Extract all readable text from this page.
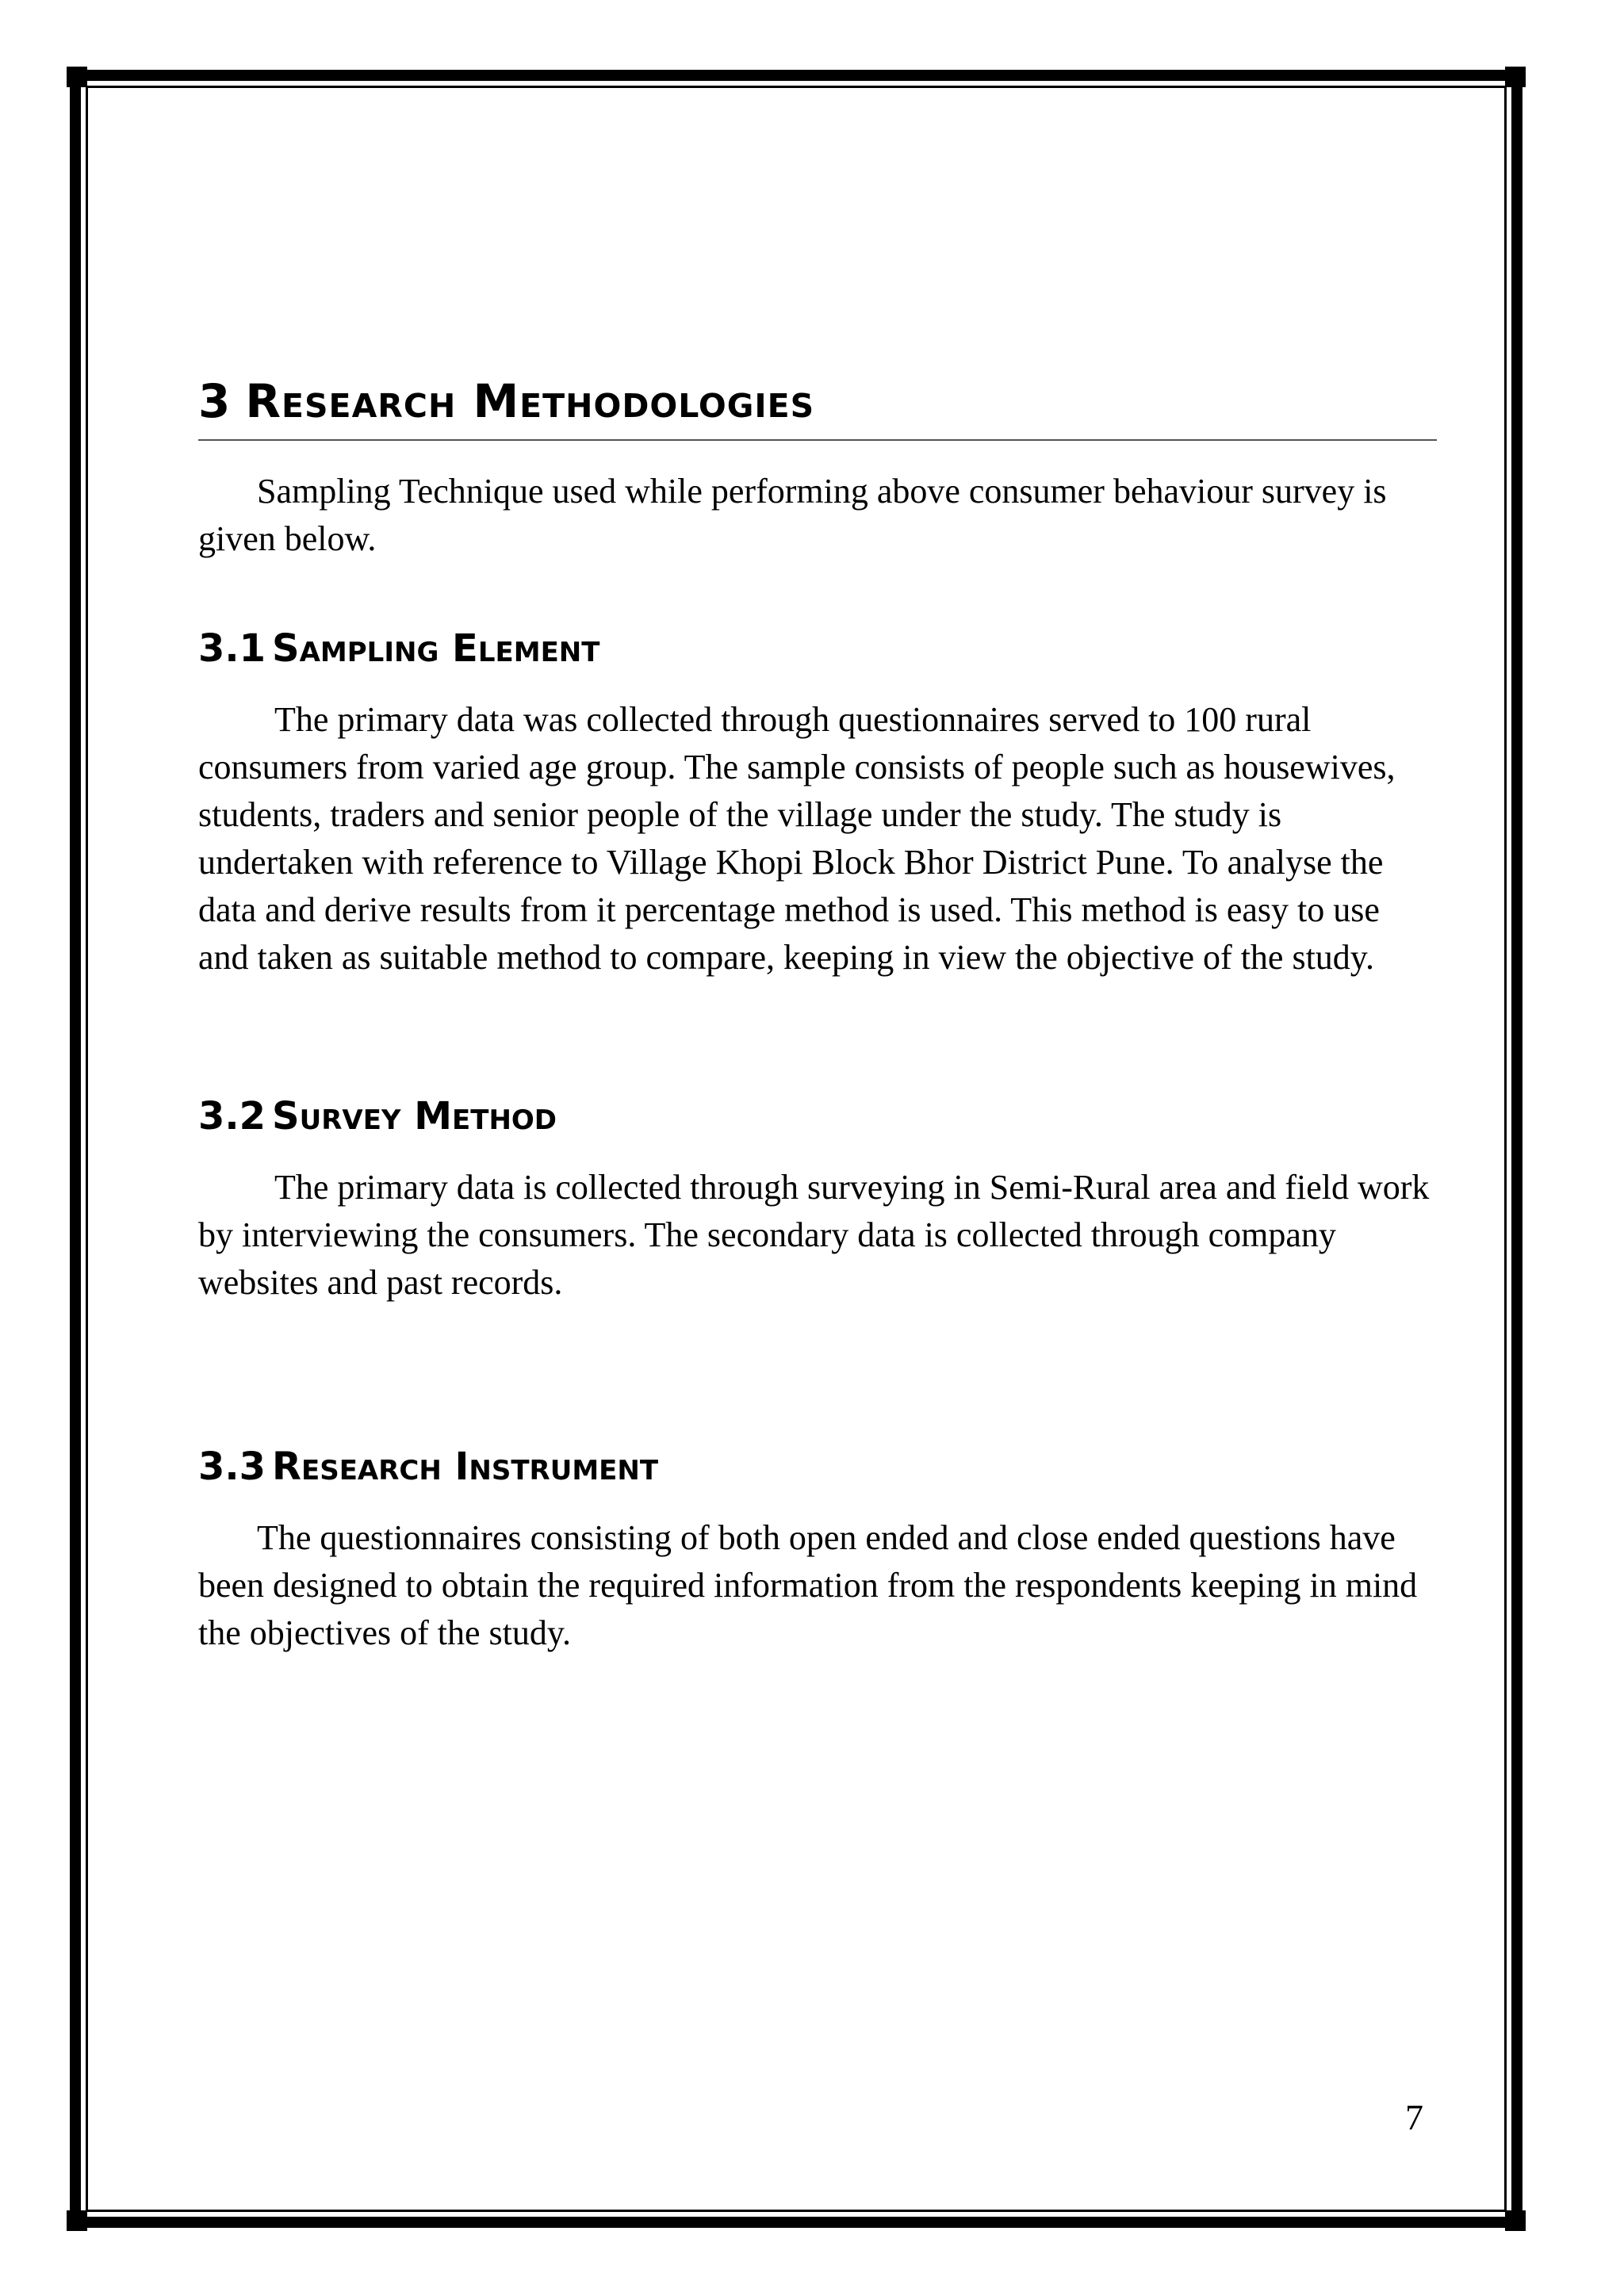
3 Research Methodologies

Sampling Technique used while performing above consumer behaviour survey is given below.

3.1 Sampling Element

The primary data was collected through questionnaires served to 100 rural consumers from varied age group. The sample consists of people such as housewives, students, traders and senior people of the village under the study. The study is undertaken with reference to Village Khopi Block Bhor District Pune. To analyse the data and derive results from it percentage method is used. This method is easy to use and taken as suitable method to compare, keeping in view the objective of the study.

3.2 Survey Method

The primary data is collected through surveying in Semi-Rural area and field work by interviewing the consumers. The secondary data is collected through company websites and past records.

3.3 Research Instrument

The questionnaires consisting of both open ended and close ended questions have been designed to obtain the required information from the respondents keeping in mind the objectives of the study.

7
